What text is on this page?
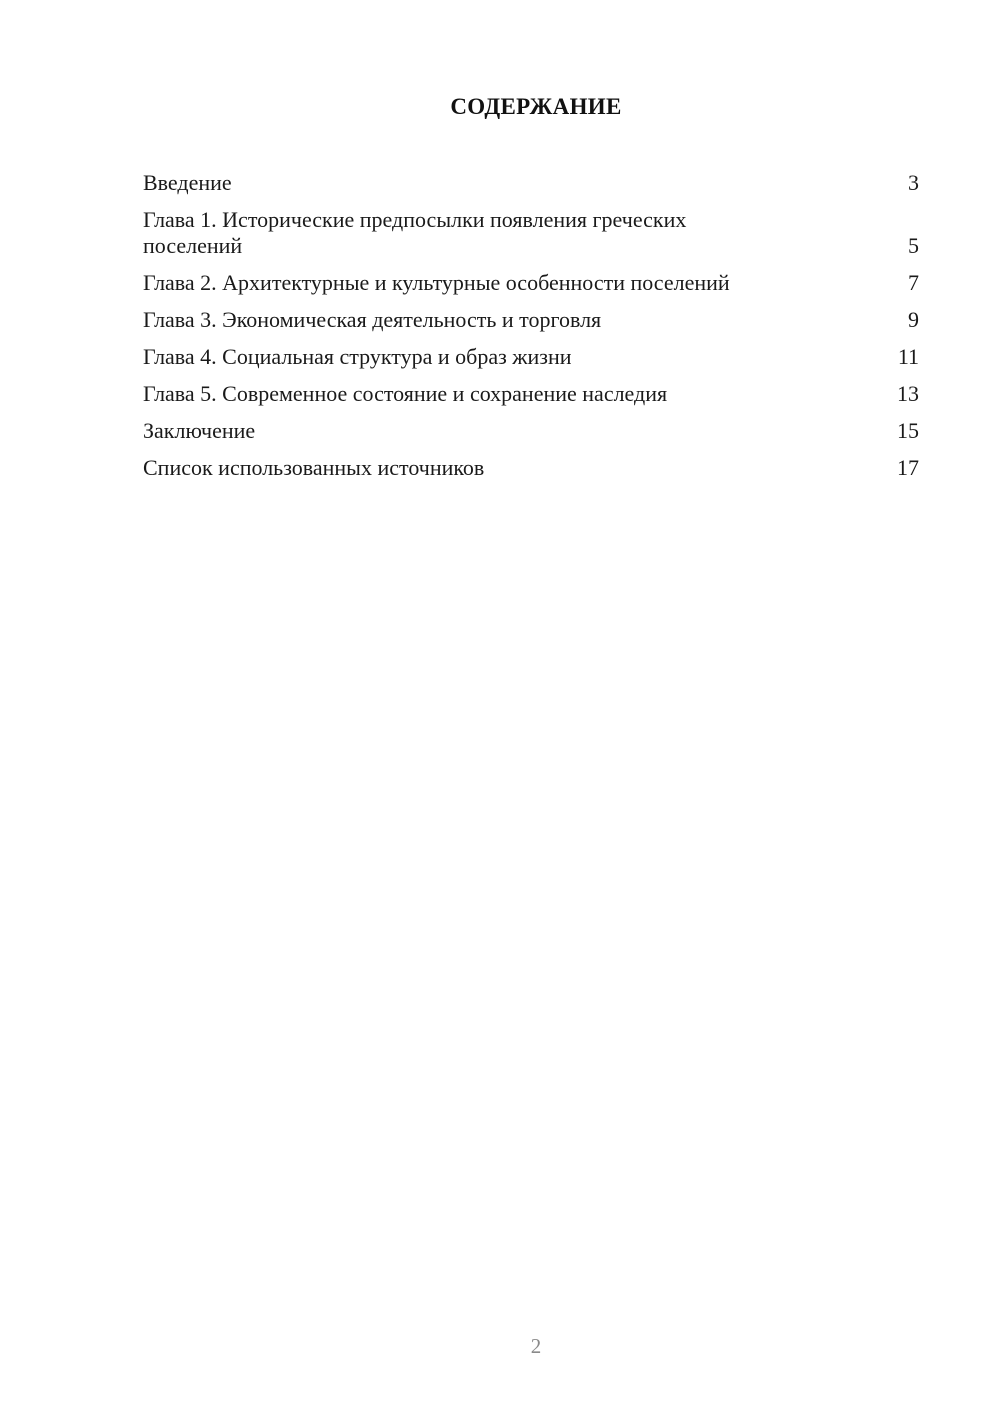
СОДЕРЖАНИЕ
Введение	3
Глава 1. Исторические предпосылки появления греческих поселений	5
Глава 2. Архитектурные и культурные особенности поселений	7
Глава 3. Экономическая деятельность и торговля	9
Глава 4. Социальная структура и образ жизни	11
Глава 5. Современное состояние и сохранение наследия	13
Заключение	15
Список использованных источников	17
2
